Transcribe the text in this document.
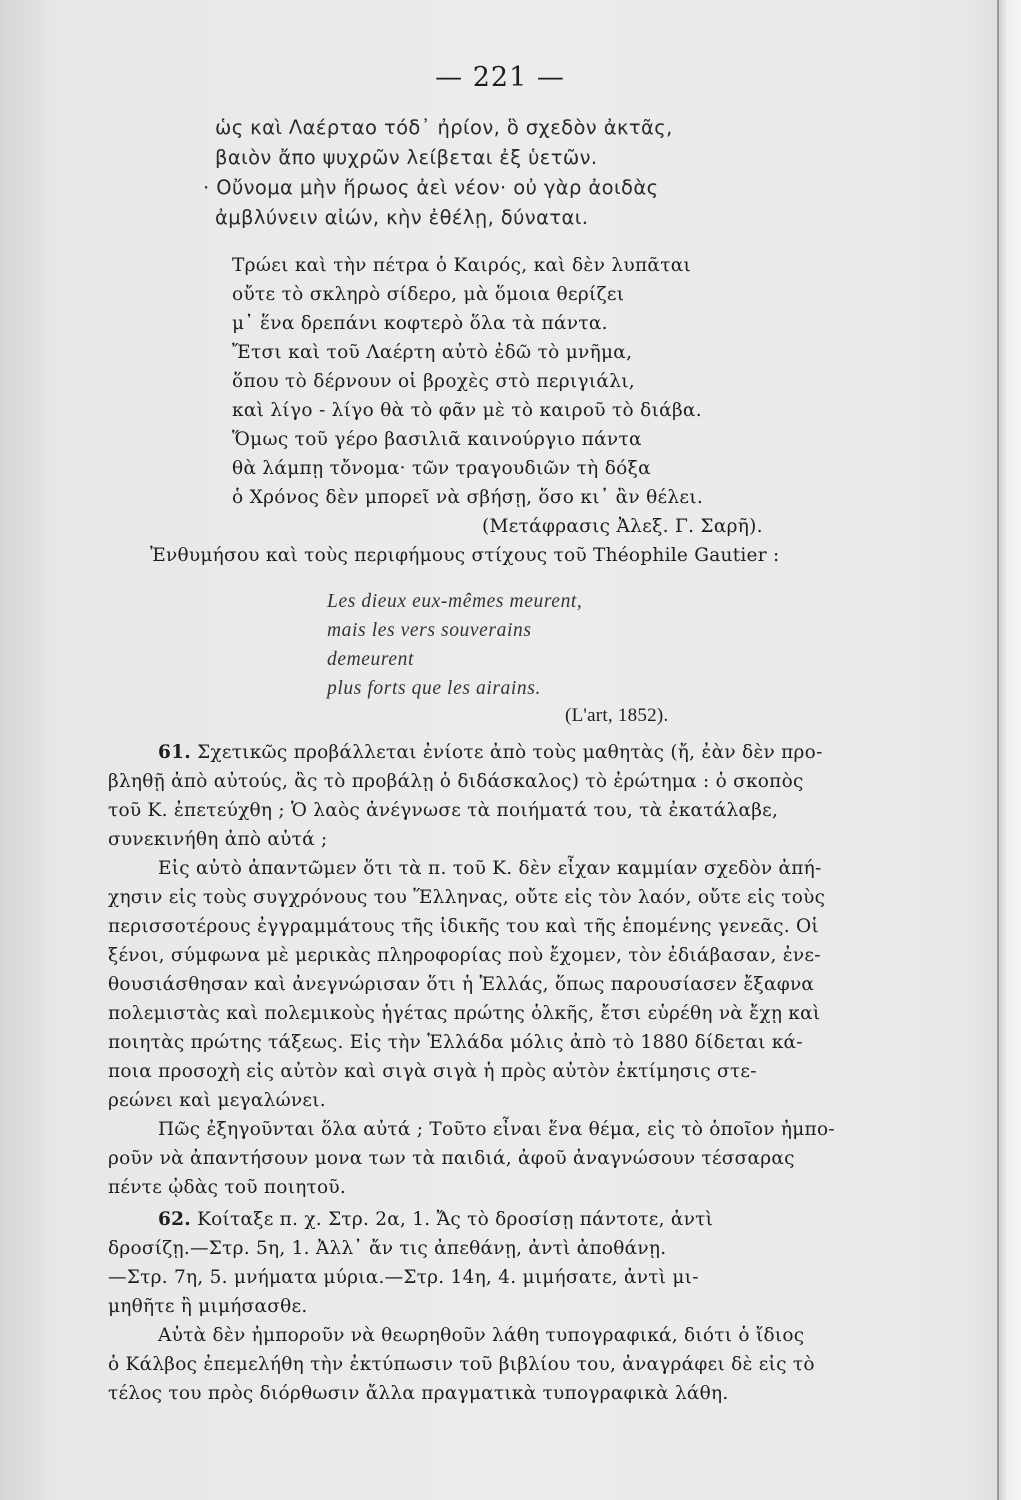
— 221 —
ὡς καὶ Λαέρταο τόδ᾿ ἠρίον, ὃ σχεδὸν ἀκτᾶς,
βαιὸν ἄπο ψυχρῶν λείβεται ἐξ ὑετῶν.
· Οὔνομα μὴν ἥρωος ἀεὶ νέον· οὐ γὰρ ἀοιδὰς
ἀμβλύνειν αἰών, κὴν ἐθέλῃ, δύναται.
Τρώει καὶ τὴν πέτρα ὁ Καιρός, καὶ δὲν λυπᾶται
οὔτε τὸ σκληρὸ σίδερο, μὰ ὅμοια θερίζει
μ᾿ ἕνα δρεπάνι κοφτερὸ ὅλα τὰ πάντα.
Ἔτσι καὶ τοῦ Λαέρτη αὐτὸ ἐδῶ τὸ μνῆμα,
ὅπου τὸ δέρνουν οἱ βροχὲς στὸ περιγιάλι,
καὶ λίγο - λίγο θὰ τὸ φᾶν μὲ τὸ καιροῦ τὸ διάβα.
Ὅμως τοῦ γέρο βασιλιᾶ καινούργιο πάντα
θὰ λάμπῃ τὄνομα· τῶν τραγουδιῶν τὴ δόξα
ὁ Χρόνος δὲν μπορεῖ νὰ σβήσῃ, ὅσο κι᾿ ἂν θέλει.
(Μετάφρασις Ἀλεξ. Γ. Σαρῆ).
Ἐνθυμήσου καὶ τοὺς περιφήμους στίχους τοῦ Théophile Gautier :
Les dieux eux-mêmes meurent,
mais les vers souverains
demeurent
plus forts que les airains.
(L'art, 1852).
61. Σχετικῶς προβάλλεται ἐνίοτε ἀπὸ τοὺς μαθητὰς (ἤ, ἐὰν δὲν προ-
βληθῇ ἀπὸ αὐτούς, ἂς τὸ προβάλῃ ὁ διδάσκαλος) τὸ ἐρώτημα : ὁ σκοπὸς
τοῦ Κ. ἐπετεύχθη ; Ὁ λαὸς ἀνέγνωσε τὰ ποιήματά του, τὰ ἐκατάλαβε,
συνεκινήθη ἀπὸ αὐτά ;
Εἰς αὐτὸ ἀπαντῶμεν ὅτι τὰ π. τοῦ Κ. δὲν εἶχαν καμμίαν σχεδὸν ἀπή-
χησιν εἰς τοὺς συγχρόνους του Ἕλληνας, οὔτε εἰς τὸν λαόν, οὔτε εἰς τοὺς
περισσοτέρους ἐγγραμμάτους τῆς ἰδικῆς του καὶ τῆς ἑπομένης γενεᾶς. Οἱ
ξένοι, σύμφωνα μὲ μερικὰς πληροφορίας ποὺ ἔχομεν, τὸν ἐδιάβασαν, ἐνε-
θουσιάσθησαν καὶ ἀνεγνώρισαν ὅτι ἡ Ἑλλάς, ὅπως παρουσίασεν ἔξαφνα
πολεμιστὰς καὶ πολεμικοὺς ἡγέτας πρώτης ὁλκῆς, ἔτσι εὑρέθη νὰ ἔχῃ καὶ
ποιητὰς πρώτης τάξεως. Εἰς τὴν Ἑλλάδα μόλις ἀπὸ τὸ 1880 δίδεται κά-
ποια προσοχὴ εἰς αὐτὸν καὶ σιγὰ σιγὰ ἡ πρὸς αὐτὸν ἐκτίμησις στε-
ρεώνει καὶ μεγαλώνει.
Πῶς ἐξηγοῦνται ὅλα αὐτά ; Τοῦτο εἶναι ἕνα θέμα, εἰς τὸ ὁποῖον ἠμπο-
ροῦν νὰ ἀπαντήσουν μονα των τὰ παιδιά, ἀφοῦ ἀναγνώσουν τέσσαρας
πέντε ᾠδὰς τοῦ ποιητοῦ.
62. Κοίταξε π. χ. Στρ. 2α, 1. Ἄς τὸ δροσίσῃ πάντοτε, ἀντὶ
δροσίζῃ.—Στρ. 5η, 1. Ἀλλ᾿ ἄν τις ἀπεθάνῃ, ἀντὶ ἀποθάνῃ.
—Στρ. 7η, 5. μνήματα μύρια.—Στρ. 14η, 4. μιμήσατε, ἀντὶ μι-
μηθῆτε ἢ μιμήσασθε.
Αὐτὰ δὲν ἠμποροῦν νὰ θεωρηθοῦν λάθη τυπογραφικά, διότι ὁ ἴδιος
ὁ Κάλβος ἐπεμελήθη τὴν ἐκτύπωσιν τοῦ βιβλίου του, ἀναγράφει δὲ εἰς τὸ
τέλος του πρὸς διόρθωσιν ἄλλα πραγματικὰ τυπογραφικὰ λάθη.
